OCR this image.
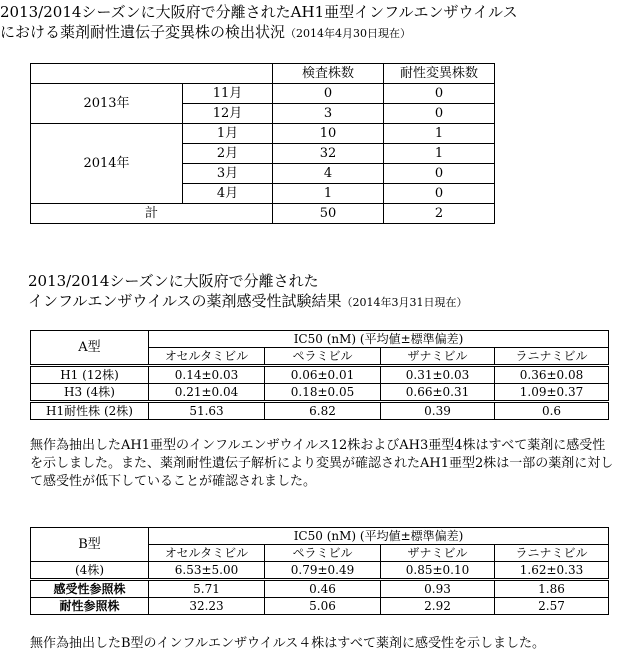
2013/2014シーズンに大阪府で分離されたAH1亜型インフルエンザウイルス
における薬剤耐性遺伝子変異株の検出状況（2014年4月30日現在）
		検査株数	耐性変異株数
2013年	11月	0	0
	12月	3	0
2014年	1月	10	1
	2月	32	1
	3月	4	0
	4月	1	0
計		50	2
2013/2014シーズンに大阪府で分離された
インフルエンザウイルスの薬剤感受性試験結果（2014年3月31日現在）
A型	IC50 (nM) (平均値±標準偏差)			
	オセルタミビル	ペラミビル	ザナミビル	ラニナミビル
H1 (12株)	0.14±0.03	0.06±0.01	0.31±0.03	0.36±0.08
H3 (4株)	0.21±0.04	0.18±0.05	0.66±0.31	1.09±0.37
H1耐性株 (2株)	51.63	6.82	0.39	0.6
無作為抽出したAH1亜型のインフルエンザウイルス12株およびAH3亜型4株はすべて薬剤に感受性を示しました。また、薬剤耐性遺伝子解析により変異が確認されたAH1亜型2株は一部の薬剤に対して感受性が低下していることが確認されました。
B型	IC50 (nM) (平均値±標準偏差)			
	オセルタミビル	ペラミビル	ザナミビル	ラニナミビル
(4株)	6.53±5.00	0.79±0.49	0.85±0.10	1.62±0.33
感受性参照株	5.71	0.46	0.93	1.86
耐性参照株	32.23	5.06	2.92	2.57
無作為抽出したB型のインフルエンザウイルス４株はすべて薬剤に感受性を示しました。
